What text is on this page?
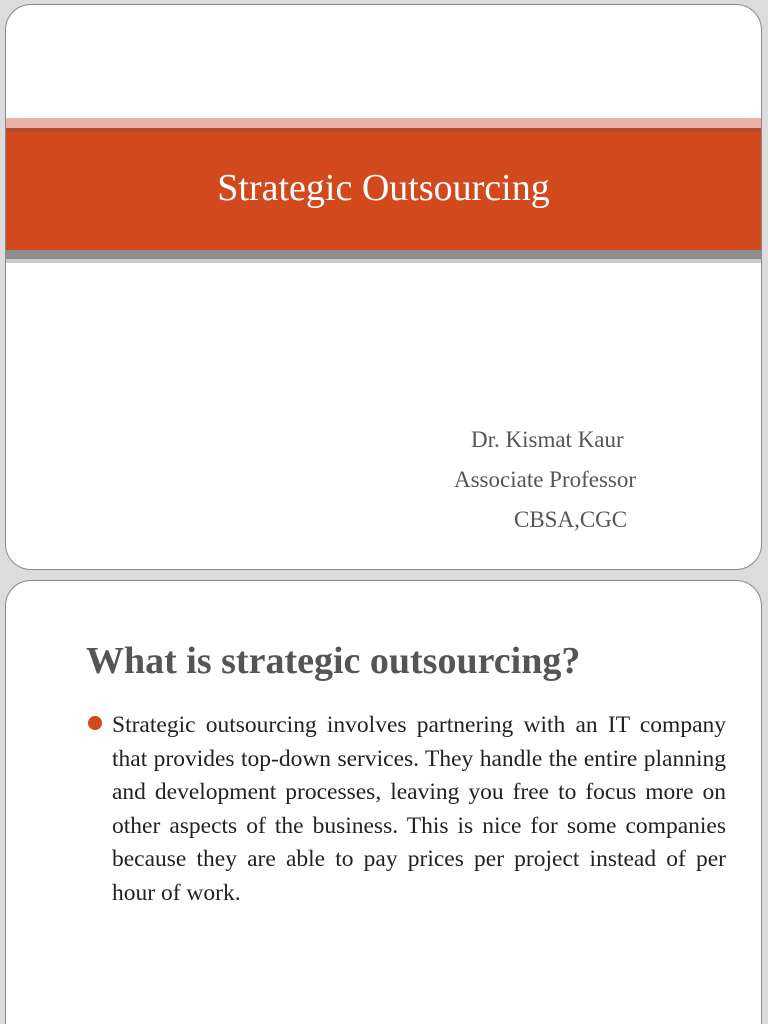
Strategic Outsourcing
Dr. Kismat Kaur
Associate Professor
CBSA,CGC
What is strategic outsourcing?
Strategic outsourcing involves partnering with an IT company that provides top-down services. They handle the entire planning and development processes, leaving you free to focus more on other aspects of the business. This is nice for some companies because they are able to pay prices per project instead of per hour of work.
